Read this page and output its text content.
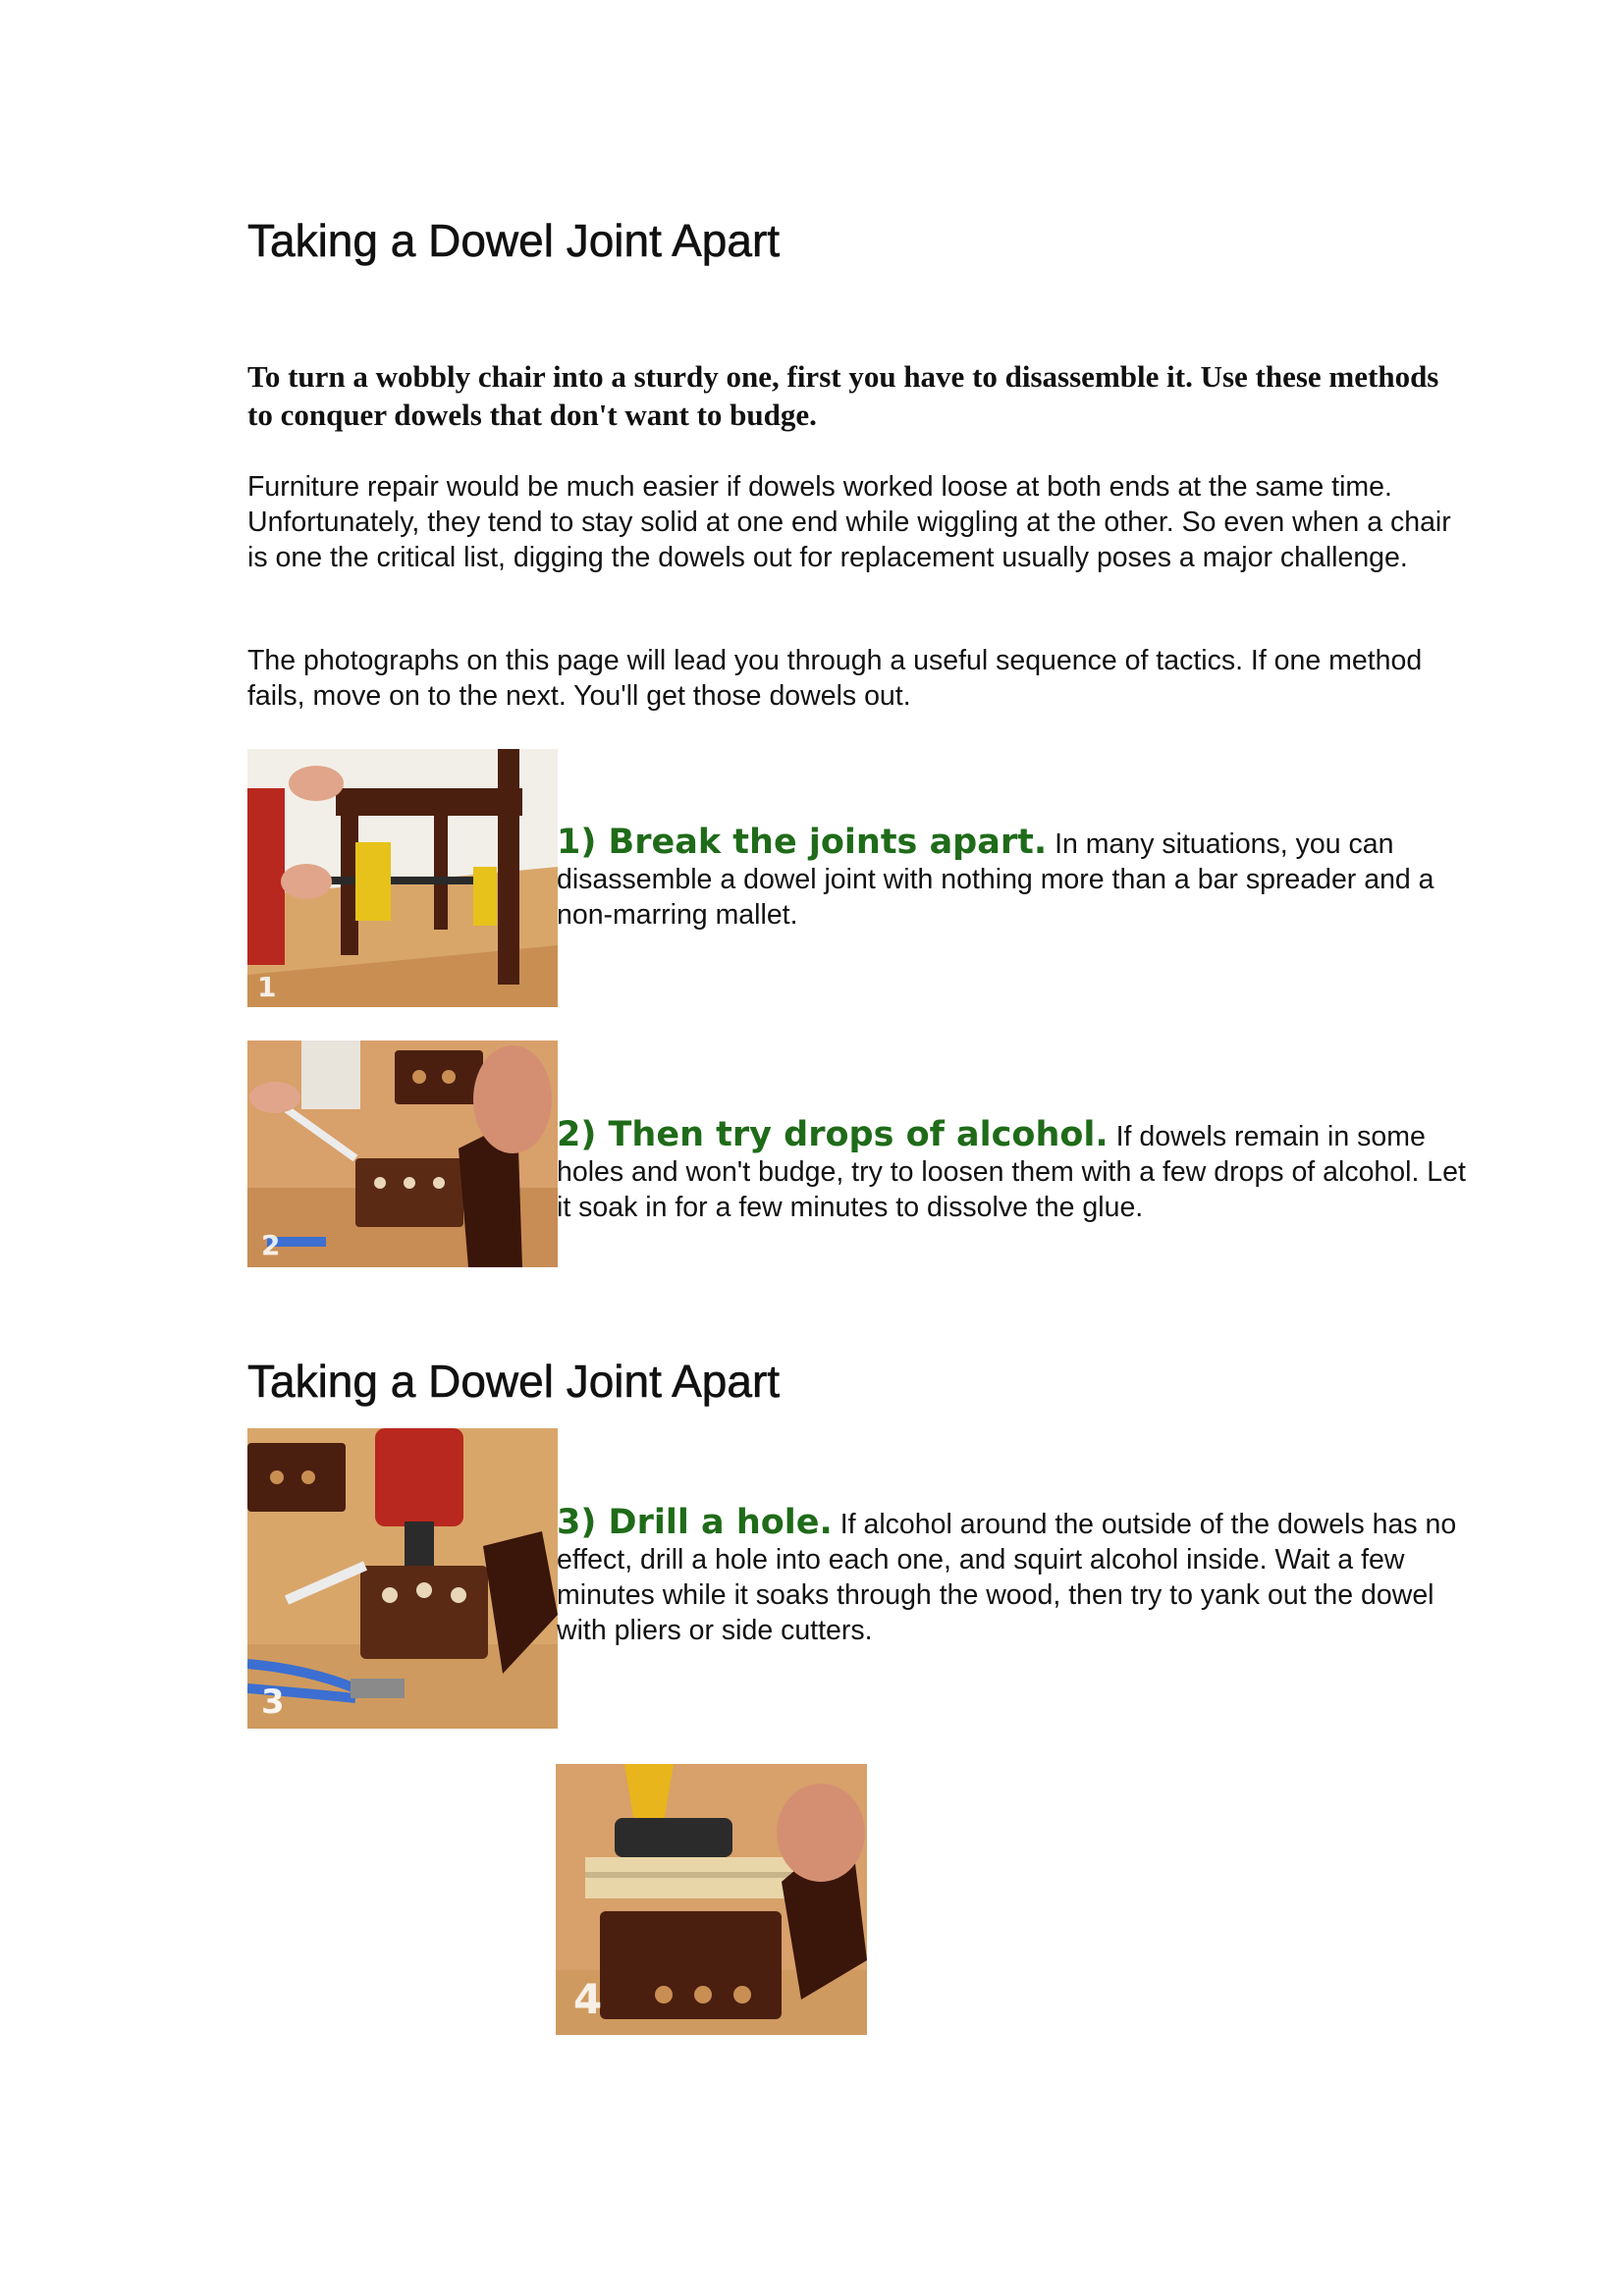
Taking a Dowel Joint Apart

To turn a wobbly chair into a sturdy one, first you have to disassemble it. Use these methods to conquer dowels that don't want to budge.

Furniture repair would be much easier if dowels worked loose at both ends at the same time. Unfortunately, they tend to stay solid at one end while wiggling at the other. So even when a chair is one the critical list, digging the dowels out for replacement usually poses a major challenge.

The photographs on this page will lead you through a useful sequence of tactics. If one method fails, move on to the next. You'll get those dowels out.

1

1) Break the joints apart. In many situations, you can disassemble a dowel joint with nothing more than a bar spreader and a non-marring mallet.

2

2) Then try drops of alcohol. If dowels remain in some holes and won't budge, try to loosen them with a few drops of alcohol. Let it soak in for a few minutes to dissolve the glue.

Taking a Dowel Joint Apart
3

3) Drill a hole. If alcohol around the outside of the dowels has no effect, drill a hole into each one, and squirt alcohol inside. Wait a few minutes while it soaks through the wood, then try to yank out the dowel with pliers or side cutters.

4
